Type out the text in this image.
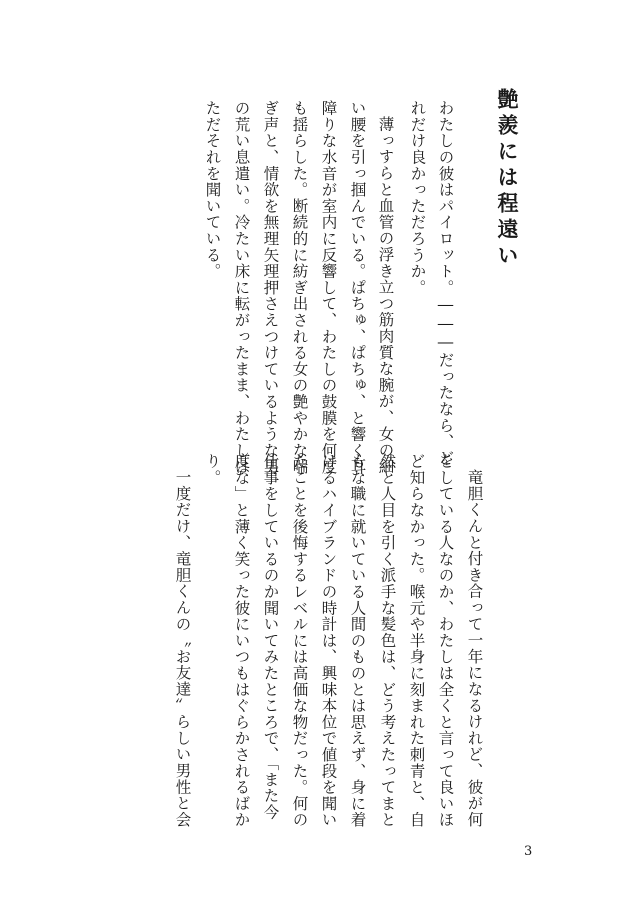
艶羨には程遠い
わたしの彼はパイロット。―――だったなら、ど
れだけ良かっただろうか。
薄っすらと血管の浮き立つ筋肉質な腕が、女の細
い腰を引っ掴んでいる。ぱちゅ、ぱちゅ、と響く耳
障りな水音が室内に反響して、わたしの鼓膜を何度
も揺らした。断続的に紡ぎ出される女の艶やかな喘
ぎ声と、情欲を無理矢理押さえつけているような男
の荒い息遣い。冷たい床に転がったまま、わたしは
ただそれを聞いている。
竜胆くんと付き合って一年になるけれど、彼が何
をしている人なのか、わたしは全くと言って良いほ
ど知らなかった。喉元や半身に刻まれた刺青と、自
然と人目を引く派手な髪色は、どう考えたってまと
もな職に就いている人間のものとは思えず、身に着
けるハイブランドの時計は、興味本位で値段を聞い
たことを後悔するレベルには高価な物だった。何の
仕事をしているのか聞いてみたところで、「また今
度な」と薄く笑った彼にいつもはぐらかされるばか
り。
一度だけ、竜胆くんの〝お友達〟らしい男性と会
3
